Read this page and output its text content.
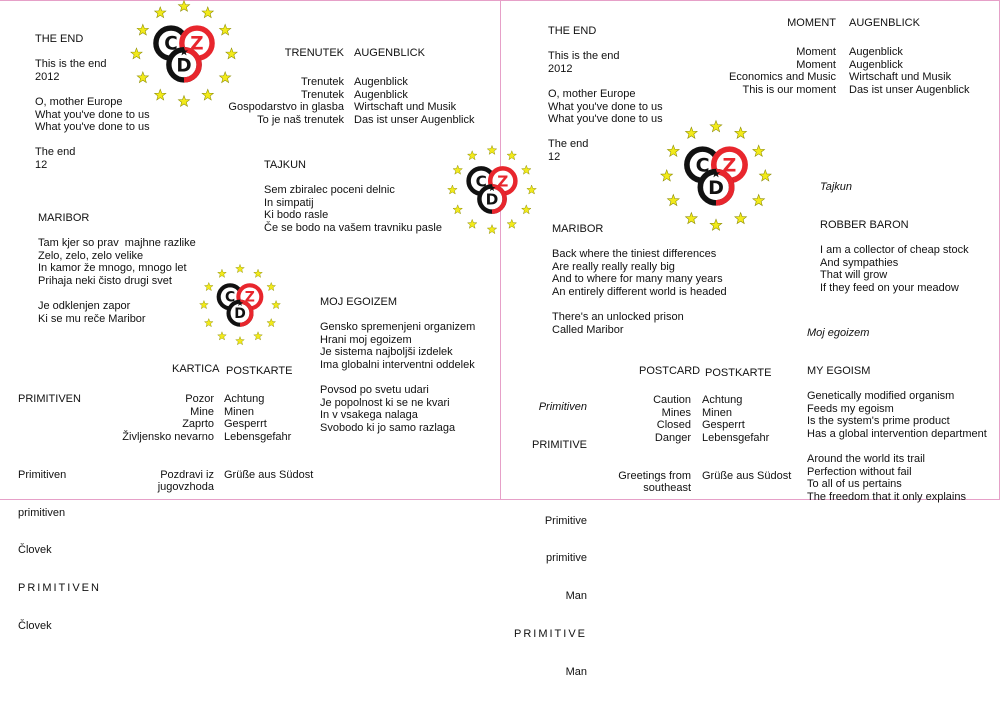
C Z
D
C Z
D
C Z
D
C Z
D
THE END
This is the end
2012
O, mother Europe
What you've done to us
What you've done to us
The end
12
MARIBOR
Tam kjer so prav  majhne razlike
Zelo, zelo, zelo velike
In kamor že mnogo, mnogo let
Prihaja neki čisto drugi svet
Je odklenjen zapor
Ki se mu reče Maribor

PRIMITIVEN

Primitiven

primitiven

Človek

PRIMITIVEN

Človek

TRENUTEK AUGENBLICK
Trenutek
Trenutek
Gospodarstvo in glasba
To je naš trenutek
Augenblick
Augenblick
Wirtschaft und Musik
Das ist unser Augenblick
TAJKUN
Sem zbiralec poceni delnic
In simpatij
Ki bodo rasle
Če se bodo na vašem travniku pasle
MOJ EGOIZEM
Gensko spremenjeni organizem
Hrani moj egoizem
Je sistema najboljši izdelek
Ima globalni interventni oddelek
Povsod po svetu udari
Je popolnost ki se ne kvari
In v vsakega nalaga
Svobodo ki jo samo razlaga
KARTICA POSTKARTE
Pozor
Mine
Zaprto
Življensko nevarno
Pozdravi iz
jugovzhoda
Achtung
Minen
Gesperrt
Lebensgefahr
Grüße aus Südost
THE END
This is the end
2012
O, mother Europe
What you've done to us
What you've done to us
The end
12
MOMENT AUGENBLICK
Moment
Moment
Economics and Music
This is our moment
Augenblick
Augenblick
Wirtschaft und Musik
Das ist unser Augenblick

Tajkun

ROBBER BARON
I am a collector of cheap stock
And sympathies
That will grow
If they feed on your meadow

MARIBOR
Back where the tiniest differences
Are really really really big
And to where for many many years
An entirely different world is headed
There's an unlocked prison
Called Maribor

	Moj egoizem

MY EGOISM
Genetically modified organism
Feeds my egoism
Is the system's prime product
Has a global intervention department
Around the world its trail
Perfection without fail
To all of us pertains
The freedom that it only explains

Primitiven

PRIMITIVE

Primitive

primitive

Man

PRIMITIVE

Man

POSTCARD POSTKARTE
Caution
Mines
Closed
Danger
Greetings from
southeast
Achtung
Minen
Gesperrt
Lebensgefahr
Grüße aus Südost
